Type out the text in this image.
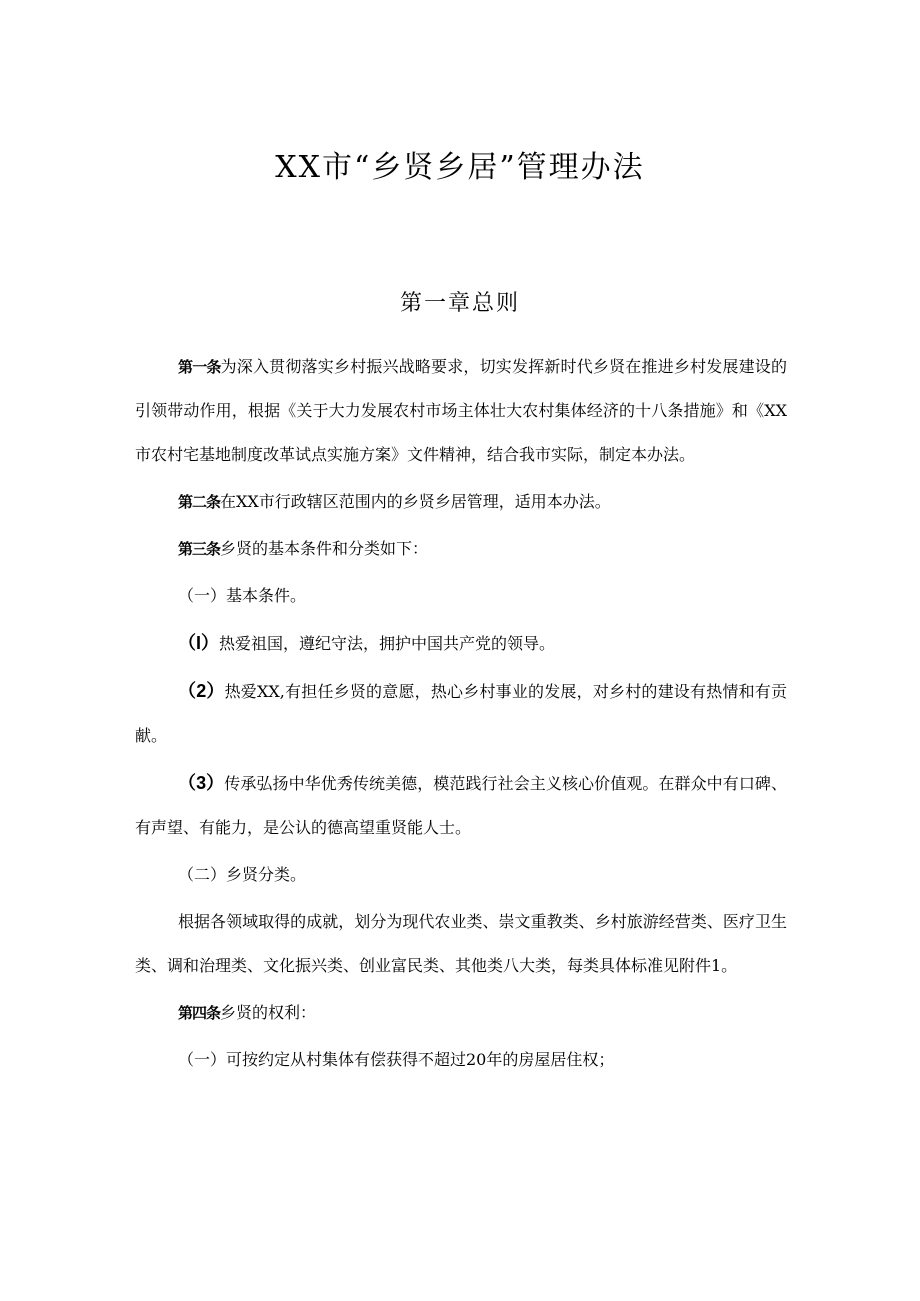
XX市“乡贤乡居”管理办法
第一章总则

第一条为深入贯彻落实乡村振兴战略要求，切实发挥新时代乡贤在推进乡村发展建设的引领带动作用，根据《关于大力发展农村市场主体壮大农村集体经济的十八条措施》和《XX市农村宅基地制度改革试点实施方案》文件精神，结合我市实际，制定本办法。

第二条在XX市行政辖区范围内的乡贤乡居管理，适用本办法。

第三条乡贤的基本条件和分类如下：

（一）基本条件。

（I）热爱祖国，遵纪守法，拥护中国共产党的领导。

（2）热爱XX,有担任乡贤的意愿，热心乡村事业的发展，对乡村的建设有热情和有贡献。

（3）传承弘扬中华优秀传统美德，模范践行社会主义核心价值观。在群众中有口碑、有声望、有能力，是公认的德高望重贤能人士。

（二）乡贤分类。

根据各领域取得的成就，划分为现代农业类、崇文重教类、乡村旅游经营类、医疗卫生类、调和治理类、文化振兴类、创业富民类、其他类八大类，每类具体标准见附件1。

第四条乡贤的权利：

（一）可按约定从村集体有偿获得不超过20年的房屋居住权；
